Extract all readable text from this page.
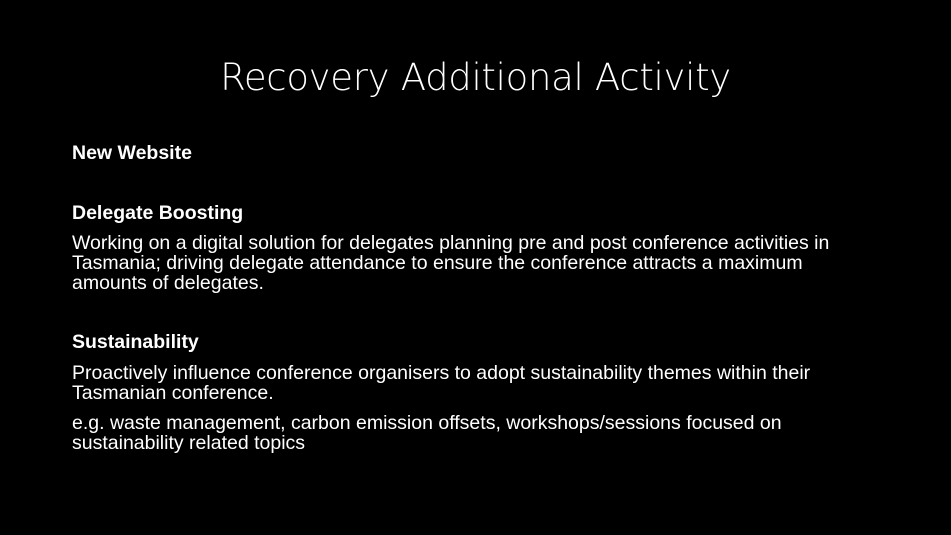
Recovery Additional Activity

New Website

Delegate Boosting

Working on a digital solution for delegates planning pre and post conference activities in Tasmania; driving delegate attendance to ensure the conference attracts a maximum amounts of delegates.

Sustainability

Proactively influence conference organisers to adopt sustainability themes within their Tasmanian conference.

e.g. waste management, carbon emission offsets, workshops/sessions focused on sustainability related topics
